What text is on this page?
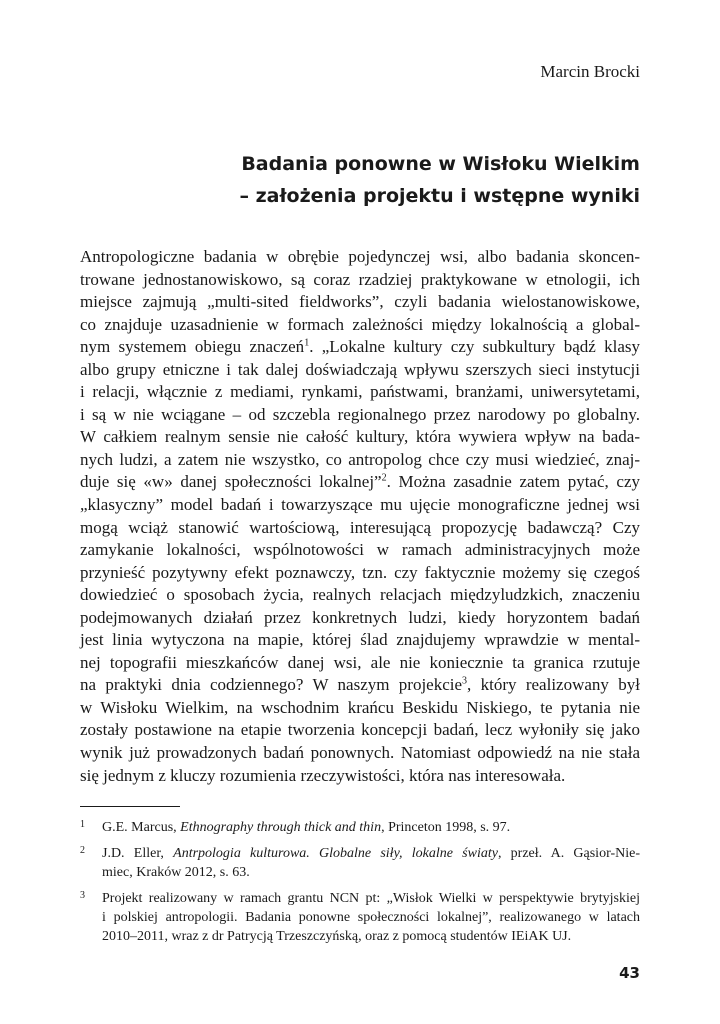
Marcin Brocki
Badania ponowne w Wisłoku Wielkim
– założenia projektu i wstępne wyniki
Antropologiczne badania w obrębie pojedynczej wsi, albo badania skoncen-
trowane jednostanowiskowo, są coraz rzadziej praktykowane w etnologii, ich
miejsce zajmują „multi-sited fieldworks”, czyli badania wielostanowiskowe,
co znajduje uzasadnienie w formach zależności między lokalnością a global-
nym systemem obiegu znaczeń$^1$. „Lokalne kultury czy subkultury bądź klasy
albo grupy etniczne i tak dalej doświadczają wpływu szerszych sieci instytucji
i relacji, włącznie z mediami, rynkami, państwami, branżami, uniwersytetami,
i są w nie wciągane – od szczebla regionalnego przez narodowy po globalny.
W całkiem realnym sensie nie całość kultury, która wywiera wpływ na bada-
nych ludzi, a zatem nie wszystko, co antropolog chce czy musi wiedzieć, znaj-
duje się «w» danej społeczności lokalnej”$^2$. Można zasadnie zatem pytać, czy
„klasyczny” model badań i towarzyszące mu ujęcie monograficzne jednej wsi
mogą wciąż stanowić wartościową, interesującą propozycję badawczą? Czy
zamykanie lokalności, wspólnotowości w ramach administracyjnych może
przynieść pozytywny efekt poznawczy, tzn. czy faktycznie możemy się czegoś
dowiedzieć o sposobach życia, realnych relacjach międzyludzkich, znaczeniu
podejmowanych działań przez konkretnych ludzi, kiedy horyzontem badań
jest linia wytyczona na mapie, której ślad znajdujemy wprawdzie w mental-
nej topografii mieszkańców danej wsi, ale nie koniecznie ta granica rzutuje
na praktyki dnia codziennego? W naszym projekcie$^3$, który realizowany był
w Wisłoku Wielkim, na wschodnim krańcu Beskidu Niskiego, te pytania nie
zostały postawione na etapie tworzenia koncepcji badań, lecz wyłoniły się jako
wynik już prowadzonych badań ponownych. Natomiast odpowiedź na nie stała
się jednym z kluczy rozumienia rzeczywistości, która nas interesowała.
1 G.E. Marcus, Ethnography through thick and thin, Princeton 1998, s. 97.
2 J.D. Eller, Antrpologia kulturowa. Globalne siły, lokalne światy, przeł. A. Gąsior-Nie-
miec, Kraków 2012, s. 63.
3 Projekt realizowany w ramach grantu NCN pt: „Wisłok Wielki w perspektywie brytyjskiej
i polskiej antropologii. Badania ponowne społeczności lokalnej”, realizowanego w latach
2010–2011, wraz z dr Patrycją Trzeszczyńską, oraz z pomocą studentów IEiAK UJ.
43
